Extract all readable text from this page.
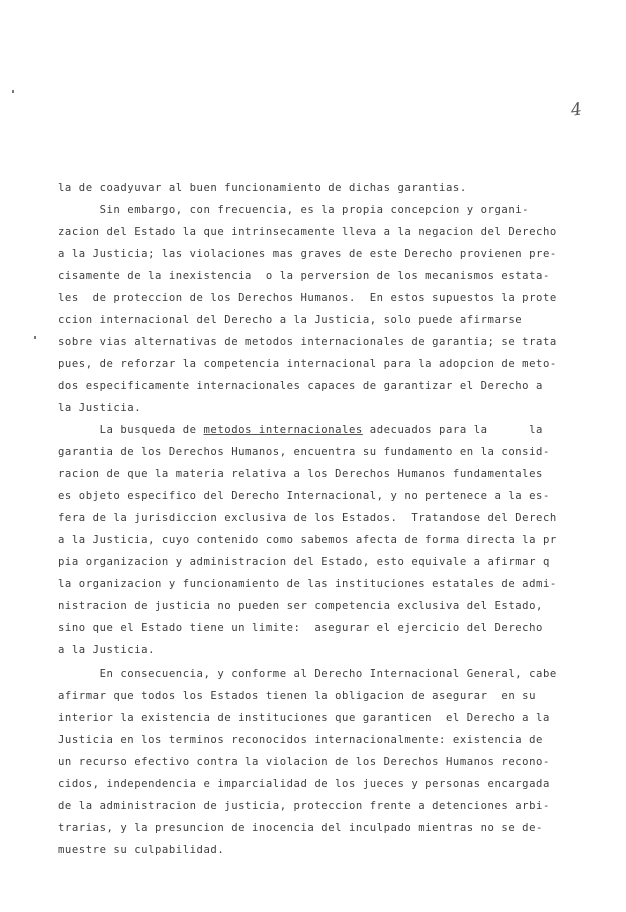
4
la de coadyuvar al buen funcionamiento de dichas garantias.
Sin embargo, con frecuencia, es la propia concepcion y organi-
zacion del Estado la que intrinsecamente lleva a la negacion del Derecho
a la Justicia; las violaciones mas graves de este Derecho provienen pre-
cisamente de la inexistencia  o la perversion de los mecanismos estata-
les  de proteccion de los Derechos Humanos.  En estos supuestos la prote
ccion internacional del Derecho a la Justicia, solo puede afirmarse
sobre vias alternativas de metodos internacionales de garantia; se trata
pues, de reforzar la competencia internacional para la adopcion de meto-
dos especificamente internacionales capaces de garantizar el Derecho a
la Justicia.
La busqueda de metodos internacionales adecuados para la      la
garantia de los Derechos Humanos, encuentra su fundamento en la consid-
racion de que la materia relativa a los Derechos Humanos fundamentales
es objeto especifico del Derecho Internacional, y no pertenece a la es-
fera de la jurisdiccion exclusiva de los Estados.  Tratandose del Derech
a la Justicia, cuyo contenido como sabemos afecta de forma directa la pr
pia organizacion y administracion del Estado, esto equivale a afirmar q
la organizacion y funcionamiento de las instituciones estatales de admi-
nistracion de justicia no pueden ser competencia exclusiva del Estado,
sino que el Estado tiene un limite:  asegurar el ejercicio del Derecho
a la Justicia.
En consecuencia, y conforme al Derecho Internacional General, cabe
afirmar que todos los Estados tienen la obligacion de asegurar  en su
interior la existencia de instituciones que garanticen  el Derecho a la
Justicia en los terminos reconocidos internacionalmente: existencia de
un recurso efectivo contra la violacion de los Derechos Humanos recono-
cidos, independencia e imparcialidad de los jueces y personas encargada
de la administracion de justicia, proteccion frente a detenciones arbi-
trarias, y la presuncion de inocencia del inculpado mientras no se de-
muestre su culpabilidad.
